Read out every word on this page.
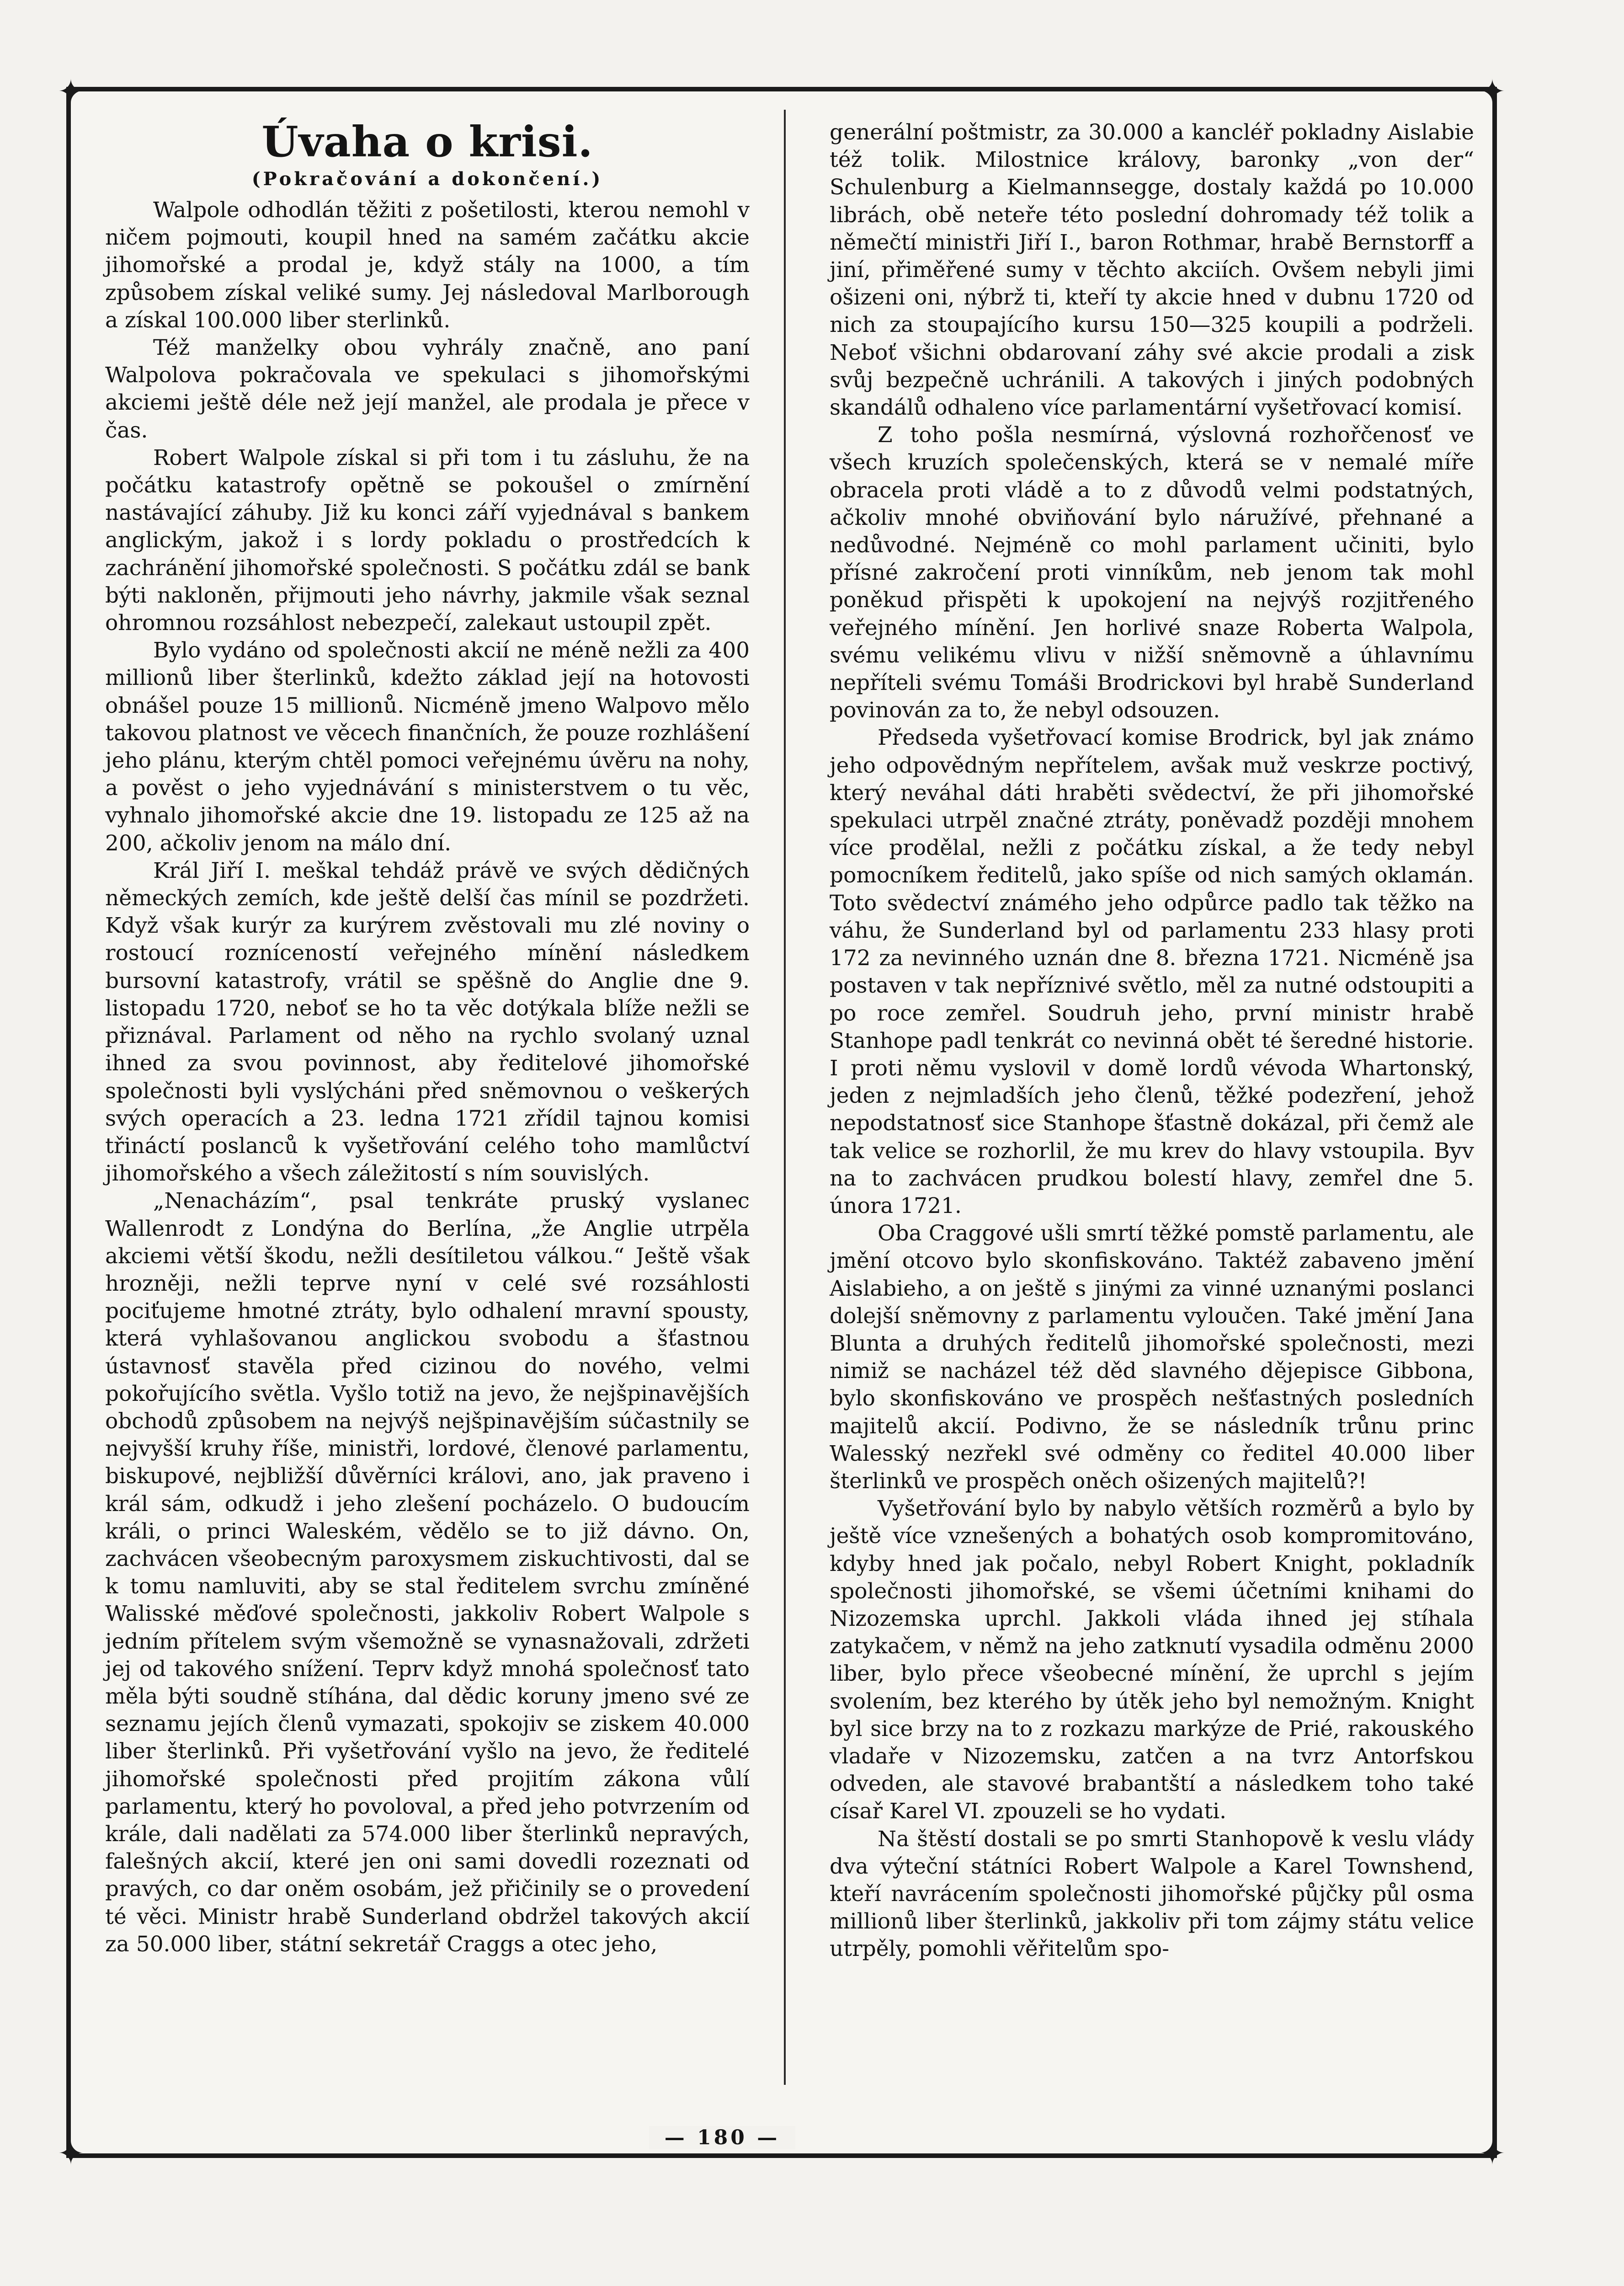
✦	✦
✦	✦
Úvaha o krisi.
(Pokračování a dokončení.)

Walpole odhodlán těžiti z pošetilosti, kterou nemohl v ničem pojmouti, koupil hned na samém začátku akcie jihomořské a prodal je, když stály na 1000, a tím způsobem získal veliké sumy. Jej následoval Marlborough a získal 100.000 liber sterlinků.

Též manželky obou vyhrály značně, ano paní Walpolova pokračovala ve spekulaci s jihomořskými akciemi ještě déle než její manžel, ale prodala je přece v čas.

Robert Walpole získal si při tom i tu zásluhu, že na počátku katastrofy opětně se pokoušel o zmírnění nastávající záhuby. Již ku konci září vyjednával s bankem anglickým, jakož i s lordy pokladu o prostředcích k zachránění jihomořské společnosti. S počátku zdál se bank býti nakloněn, přijmouti jeho návrhy, jakmile však seznal ohromnou rozsáhlost nebezpečí, zalekaut ustoupil zpět.

Bylo vydáno od společnosti akcií ne méně nežli za 400 millionů liber šterlinků, kdežto základ její na hotovosti obnášel pouze 15 millionů. Nicméně jmeno Walpovo mělo takovou platnost ve věcech finančních, že pouze rozhlášení jeho plánu, kterým chtěl pomoci veřejnému úvěru na nohy, a pověst o jeho vyjednávání s ministerstvem o tu věc, vyhnalo jihomořské akcie dne 19. listopadu ze 125 až na 200, ačkoliv jenom na málo dní.

Král Jiří I. meškal tehdáž právě ve svých dědičných německých zemích, kde ještě delší čas mínil se pozdržeti. Když však kurýr za kurýrem zvěstovali mu zlé noviny o rostoucí rozníceností veřejného mínění následkem bursovní katastrofy, vrátil se spěšně do Anglie dne 9. listopadu 1720, neboť se ho ta věc dotýkala blíže nežli se přiznával. Parlament od něho na rychlo svolaný uznal ihned za svou povinnost, aby ředitelové jihomořské společnosti byli vyslýcháni před sněmovnou o veškerých svých operacích a 23. ledna 1721 zřídil tajnou komisi třináctí poslanců k vyšetřování celého toho mamlůctví jihomořského a všech záležitostí s ním souvislých.

„Nenacházím“, psal tenkráte pruský vyslanec Wallenrodt z Londýna do Berlína, „že Anglie utrpěla akciemi větší škodu, nežli desítiletou válkou.“ Ještě však hrozněji, nežli teprve nyní v celé své rozsáhlosti pociťujeme hmotné ztráty, bylo odhalení mravní spousty, která vyhlašovanou anglickou svobodu a šťastnou ústavnosť stavěla před cizinou do nového, velmi pokořujícího světla. Vyšlo totiž na jevo, že nejšpinavějších obchodů způsobem na nejvýš nejšpinavějším súčastnily se nejvyšší kruhy říše, ministři, lordové, členové parlamentu, biskupové, nejbližší důvěrníci královi, ano, jak praveno i král sám, odkudž i jeho zlešení pocházelo. O budoucím králi, o princi Waleském, vědělo se to již dávno. On, zachvácen všeobecným paroxysmem ziskuchtivosti, dal se k tomu namluviti, aby se stal ředitelem svrchu zmíněné Walisské měďové společnosti, jakkoliv Robert Walpole s jedním přítelem svým všemožně se vynasnažovali, zdržeti jej od takového snížení. Teprv když mnohá společnosť tato měla býti soudně stíhána, dal dědic koruny jmeno své ze seznamu jejích členů vymazati, spokojiv se ziskem 40.000 liber šterlinků. Při vyšetřování vyšlo na jevo, že ředitelé jihomořské společnosti před projitím zákona vůlí parlamentu, který ho povoloval, a před jeho potvrzením od krále, dali nadělati za 574.000 liber šterlinků nepravých, falešných akcií, které jen oni sami dovedli rozeznati od pravých, co dar oněm osobám, jež přičinily se o provedení té věci. Ministr hrabě Sunderland obdržel takových akcií za 50.000 liber, státní sekretář Craggs a otec jeho,

generální poštmistr, za 30.000 a kancléř pokladny Aislabie též tolik. Milostnice královy, baronky „von der“ Schulenburg a Kielmannsegge, dostaly každá po 10.000 librách, obě neteře této poslední dohromady též tolik a němečtí ministři Jiří I., baron Rothmar, hrabě Bernstorff a jiní, přiměřené sumy v těchto akciích. Ovšem nebyli jimi ošizeni oni, nýbrž ti, kteří ty akcie hned v dubnu 1720 od nich za stoupajícího kursu 150—325 koupili a podrželi. Neboť všichni obdarovaní záhy své akcie prodali a zisk svůj bezpečně uchránili. A takových i jiných podobných skandálů odhaleno více parlamentární vyšetřovací komisí.

Z toho pošla nesmírná, výslovná rozhořčenosť ve všech kruzích společenských, která se v nemalé míře obracela proti vládě a to z důvodů velmi podstatných, ačkoliv mnohé obviňování bylo náružívé, přehnané a nedůvodné. Nejméně co mohl parlament učiniti, bylo přísné zakročení proti vinníkům, neb jenom tak mohl poněkud přispěti k upokojení na nejvýš rozjitřeného veřejného mínění. Jen horlivé snaze Roberta Walpola, svému velikému vlivu v nižší sněmovně a úhlavnímu nepříteli svému Tomáši Brodrickovi byl hrabě Sunderland povinován za to, že nebyl odsouzen.

Předseda vyšetřovací komise Brodrick, byl jak známo jeho odpovědným nepřítelem, avšak muž veskrze poctivý, který neváhal dáti hraběti svědectví, že při jihomořské spekulaci utrpěl značné ztráty, poněvadž později mnohem více prodělal, nežli z počátku získal, a že tedy nebyl pomocníkem ředitelů, jako spíše od nich samých oklamán. Toto svědectví známého jeho odpůrce padlo tak těžko na váhu, že Sunderland byl od parlamentu 233 hlasy proti 172 za nevinného uznán dne 8. března 1721. Nicméně jsa postaven v tak nepříznivé světlo, měl za nutné odstoupiti a po roce zemřel. Soudruh jeho, první ministr hrabě Stanhope padl tenkrát co nevinná obět té šeredné historie. I proti němu vyslovil v domě lordů vévoda Whartonský, jeden z nejmladších jeho členů, těžké podezření, jehož nepodstatnosť sice Stanhope šťastně dokázal, při čemž ale tak velice se rozhorlil, že mu krev do hlavy vstoupila. Byv na to zachvácen prudkou bolestí hlavy, zemřel dne 5. února 1721.

Oba Craggové ušli smrtí těžké pomstě parlamentu, ale jmění otcovo bylo skonfiskováno. Taktéž zabaveno jmění Aislabieho, a on ještě s jinými za vinné uznanými poslanci dolejší sněmovny z parlamentu vyloučen. Také jmění Jana Blunta a druhých ředitelů jihomořské společnosti, mezi nimiž se nacházel též děd slavného dějepisce Gibbona, bylo skonfiskováno ve prospěch nešťastných posledních majitelů akcií. Podivno, že se následník trůnu princ Walesský nezřekl své odměny co ředitel 40.000 liber šterlinků ve prospěch oněch ošizených majitelů?!

Vyšetřování bylo by nabylo větších rozměrů a bylo by ještě více vznešených a bohatých osob kompromitováno, kdyby hned jak počalo, nebyl Robert Knight, pokladník společnosti jihomořské, se všemi účetními knihami do Nizozemska uprchl. Jakkoli vláda ihned jej stíhala zatykačem, v němž na jeho zatknutí vysadila odměnu 2000 liber, bylo přece všeobecné mínění, že uprchl s jejím svolením, bez kterého by útěk jeho byl nemožným. Knight byl sice brzy na to z rozkazu markýze de Prié, rakouského vladaře v Nizozemsku, zatčen a na tvrz Antorfskou odveden, ale stavové brabantští a následkem toho také císař Karel VI. zpouzeli se ho vydati.

Na štěstí dostali se po smrti Stanhopově k veslu vlády dva výteční státníci Robert Walpole a Karel Townshend, kteří navrácením společnosti jihomořské půjčky půl osma millionů liber šterlinků, jakkoliv při tom zájmy státu velice utrpěly, pomohli věřitelům spo-

— 180 —
